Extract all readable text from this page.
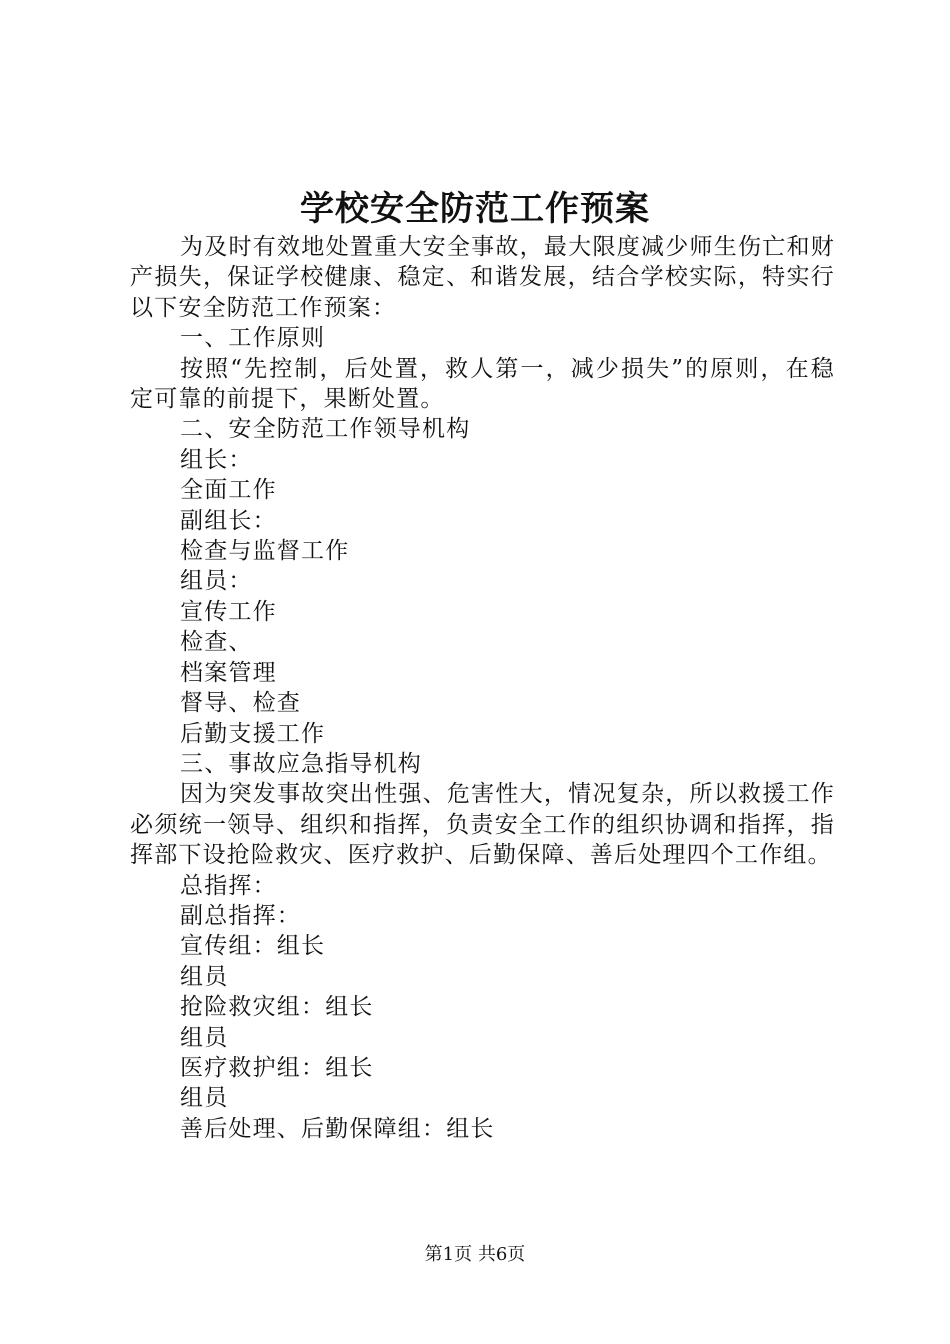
学校安全防范工作预案

为及时有效地处置重大安全事故，最大限度减少师生伤亡和财产损失，保证学校健康、稳定、和谐发展，结合学校实际，特实行以下安全防范工作预案：

一、工作原则

按照“先控制，后处置，救人第一，减少损失”的原则，在稳定可靠的前提下，果断处置。

二、安全防范工作领导机构

组长：

全面工作

副组长：

检查与监督工作

组员：

宣传工作

检查、

档案管理

督导、检查

后勤支援工作

三、事故应急指导机构

因为突发事故突出性强、危害性大，情况复杂，所以救援工作必须统一领导、组织和指挥，负责安全工作的组织协调和指挥，指挥部下设抢险救灾、医疗救护、后勤保障、善后处理四个工作组。

总指挥：

副总指挥：

宣传组：组长

组员

抢险救灾组：组长

组员

医疗救护组：组长

组员

善后处理、后勤保障组：组长

第1页 共6页
